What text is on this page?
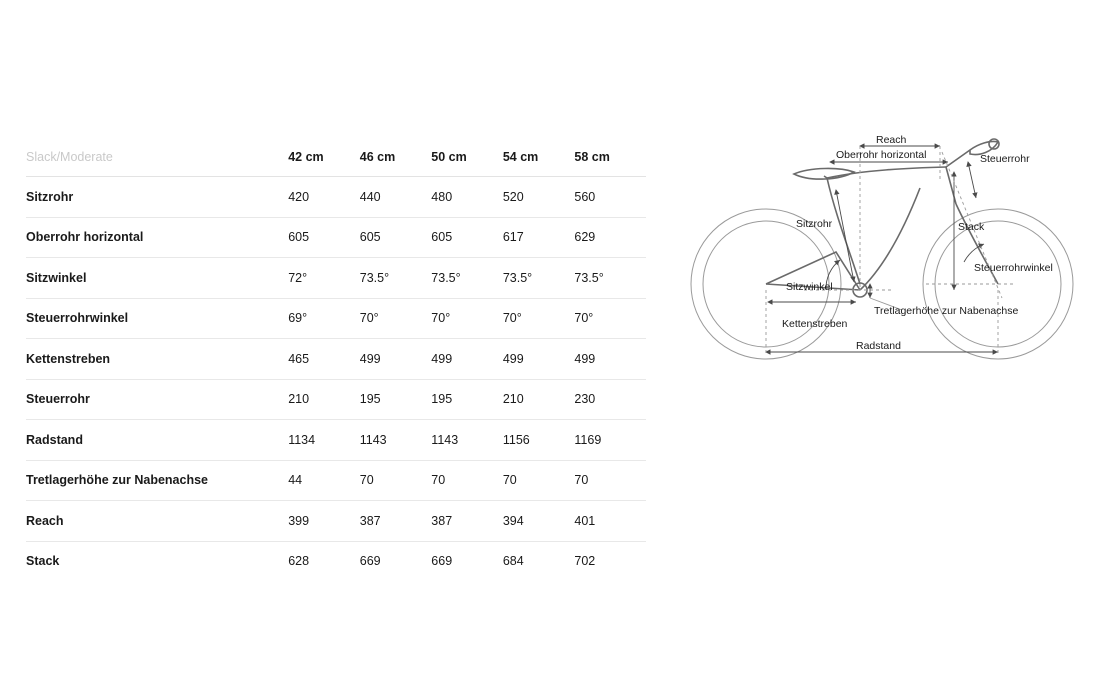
Slack/Moderate	42 cm	46 cm	50 cm	54 cm	58 cm
Sitzrohr	420	440	480	520	560
Oberrohr horizontal	605	605	605	617	629
Sitzwinkel	72°	73.5°	73.5°	73.5°	73.5°
Steuerrohrwinkel	69°	70°	70°	70°	70°
Kettenstreben	465	499	499	499	499
Steuerrohr	210	195	195	210	230
Radstand	1134	1143	1143	1156	1169
Tretlagerhöhe zur Nabenachse	44	70	70	70	70
Reach	399	387	387	394	401
Stack	628	669	669	684	702
Reach
Oberrohr horizontal	Steuerrohr
Stack
Sitzrohr
Steuerrohrwinkel
Sitzwinkel
Tretlagerhöhe zur Nabenachse
Kettenstreben
Radstand
